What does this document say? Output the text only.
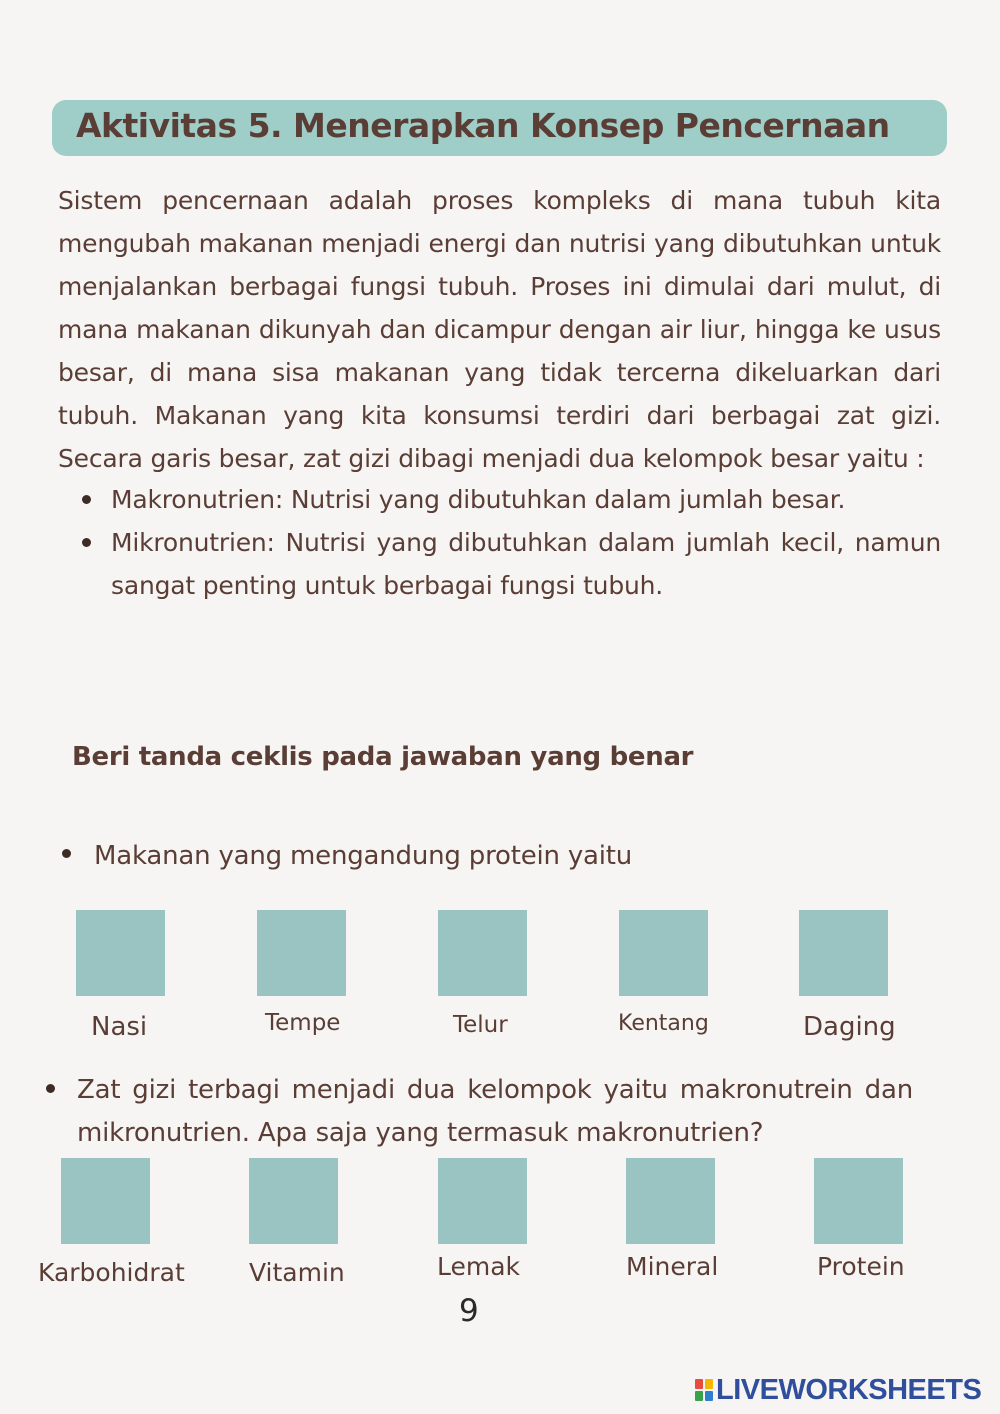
Aktivitas 5. Menerapkan Konsep Pencernaan

Sistem pencernaan adalah proses kompleks di mana tubuh kita mengubah makanan menjadi energi dan nutrisi yang dibutuhkan untuk menjalankan berbagai fungsi tubuh. Proses ini dimulai dari mulut, di mana makanan dikunyah dan dicampur dengan air liur, hingga ke usus besar, di mana sisa makanan yang tidak tercerna dikeluarkan dari tubuh. Makanan yang kita konsumsi terdiri dari berbagai zat gizi. Secara garis besar, zat gizi dibagi menjadi dua kelompok besar yaitu :

Makronutrien: Nutrisi yang dibutuhkan dalam jumlah besar.

Mikronutrien: Nutrisi yang dibutuhkan dalam jumlah kecil, namun sangat penting untuk berbagai fungsi tubuh.

Beri tanda ceklis pada jawaban yang benar

Makanan yang mengandung protein yaitu

Nasi	Tempe	Telur	Kentang	Daging

Zat gizi terbagi menjadi dua kelompok yaitu makronutrein dan mikronutrien. Apa saja yang termasuk makronutrien?

Karbohidrat	Vitamin	Lemak	Mineral	Protein
9
LIVEWORKSHEETS
